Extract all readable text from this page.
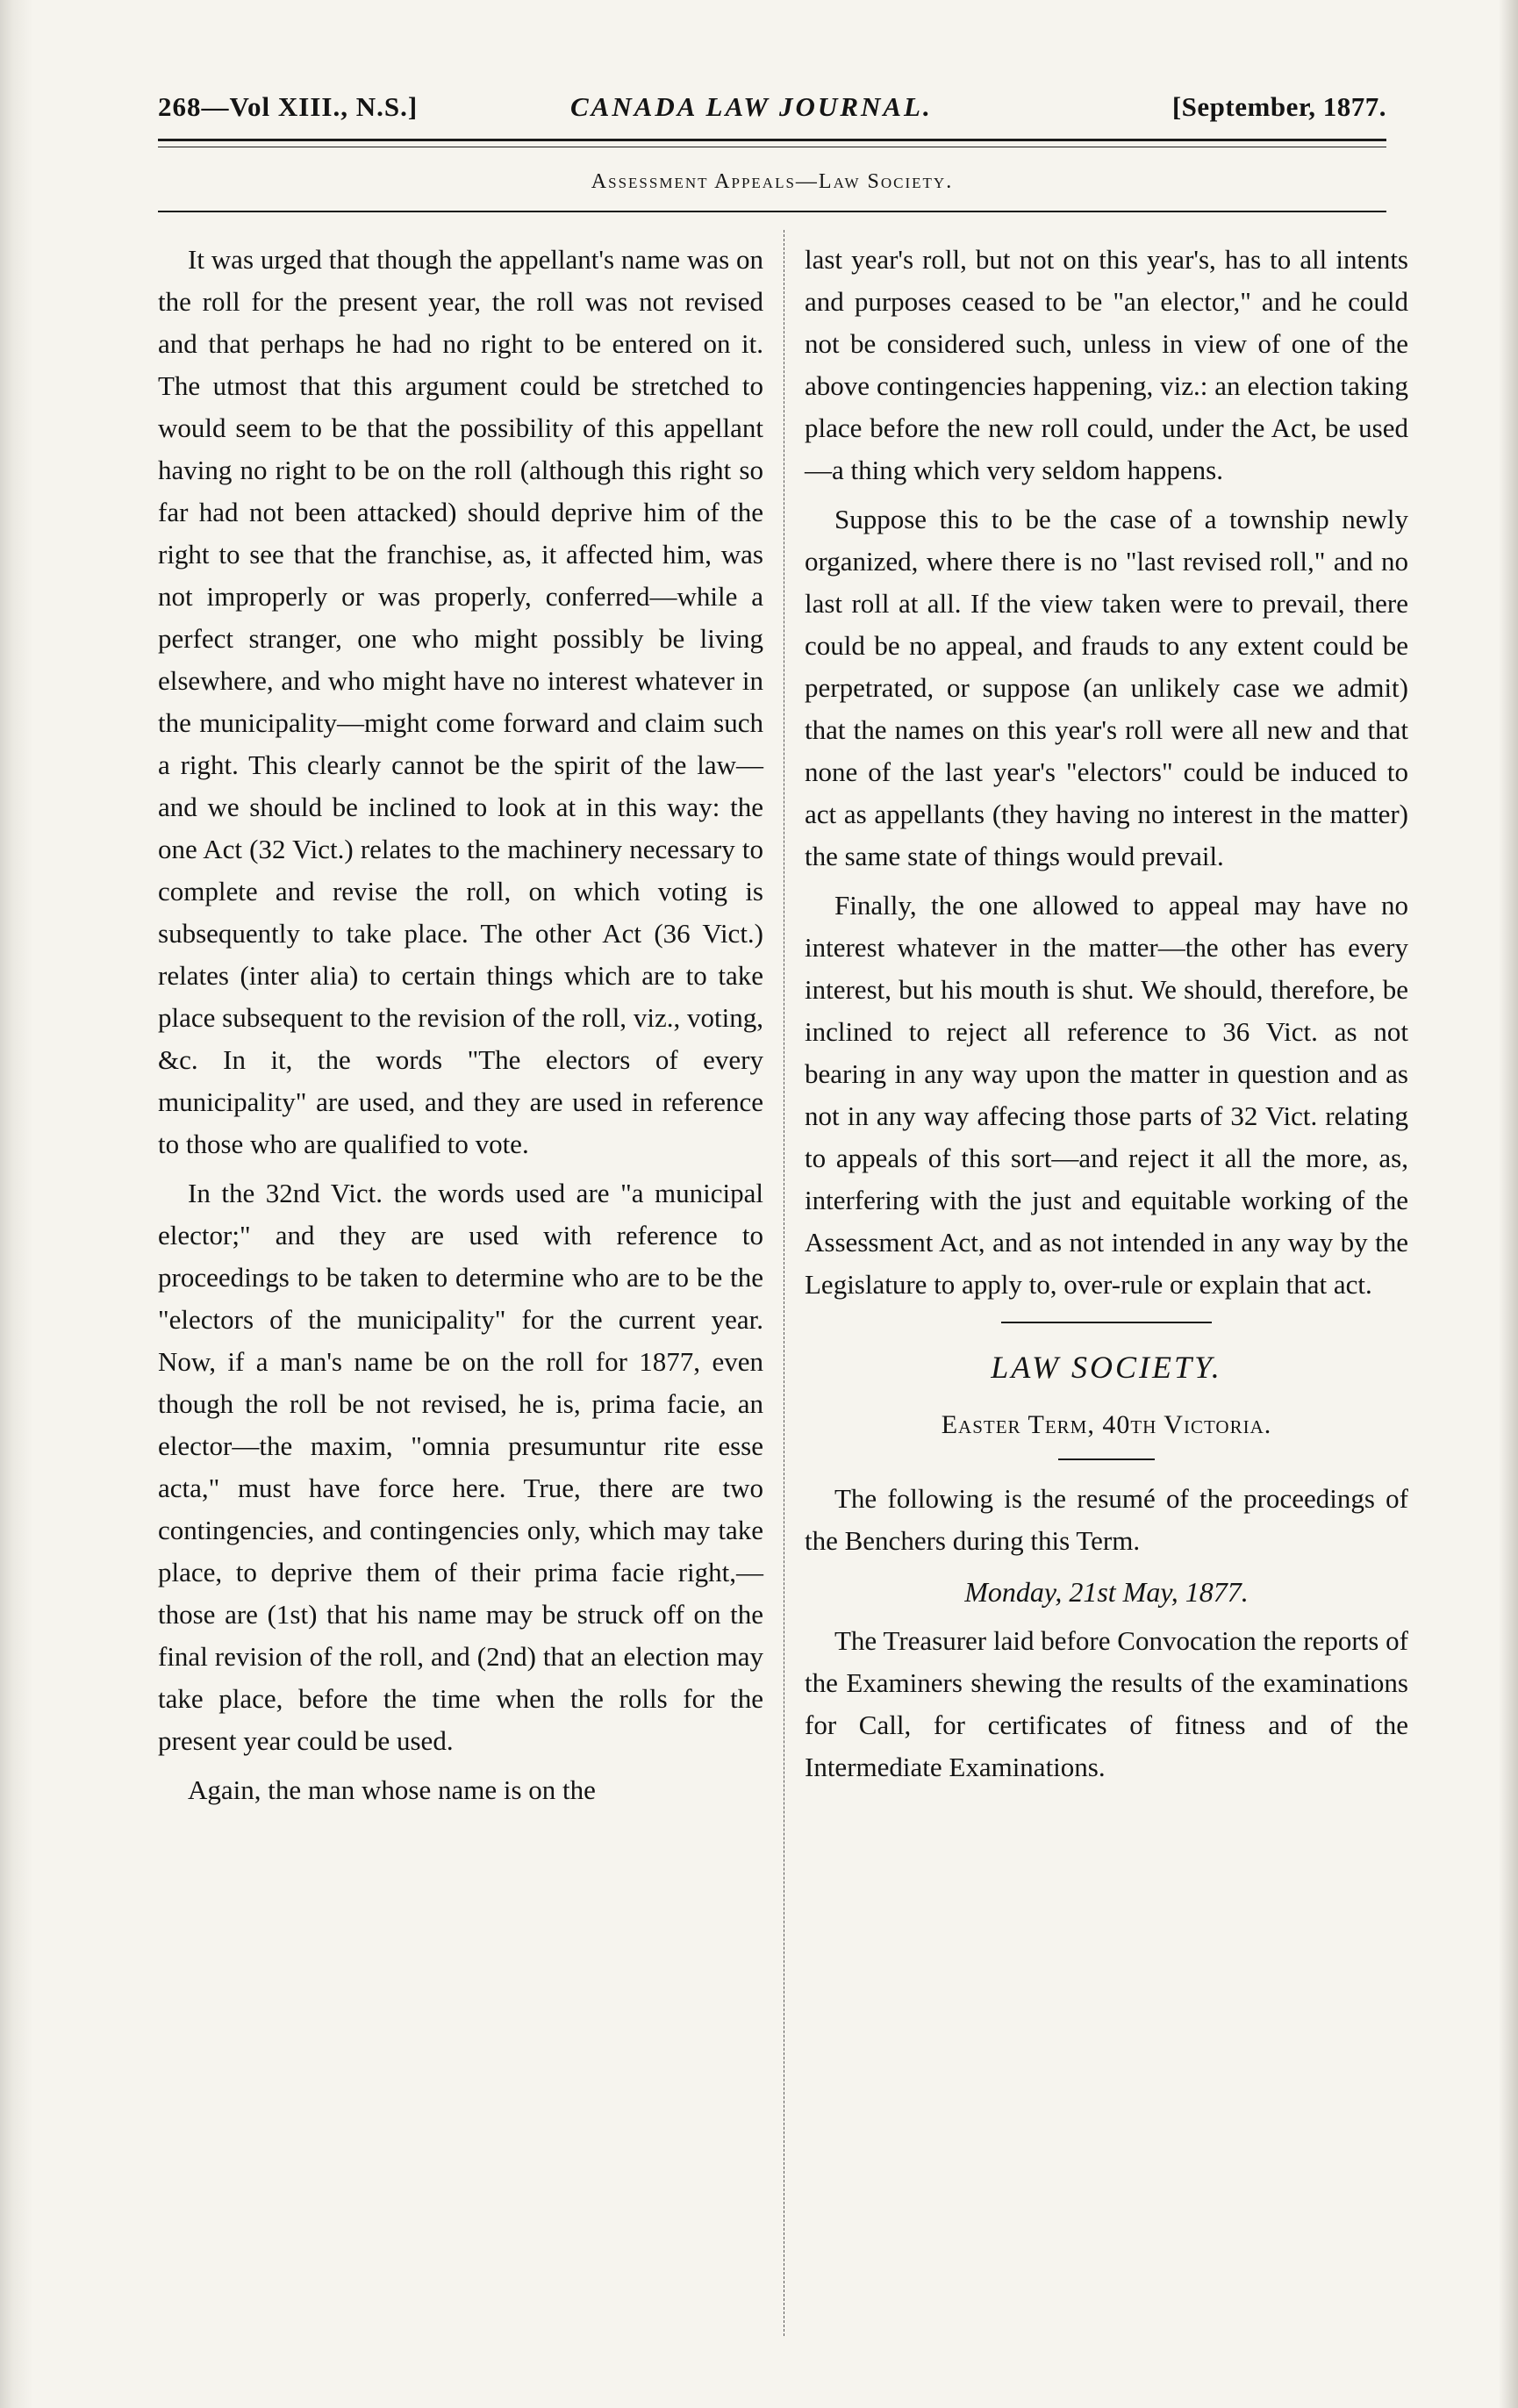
268—Vol XIII., N.S.]	CANADA LAW JOURNAL.	[September, 1877.
Assessment Appeals—Law Society.

It was urged that though the appellant's name was on the roll for the present year, the roll was not revised and that perhaps he had no right to be entered on it. The utmost that this argument could be stretched to would seem to be that the possibility of this appellant having no right to be on the roll (although this right so far had not been attacked) should deprive him of the right to see that the franchise, as, it affected him, was not improperly or was properly, conferred—while a perfect stranger, one who might possibly be living elsewhere, and who might have no interest whatever in the municipality—might come forward and claim such a right. This clearly cannot be the spirit of the law—and we should be inclined to look at in this way: the one Act (32 Vict.) relates to the machinery necessary to complete and revise the roll, on which voting is subsequently to take place. The other Act (36 Vict.) relates (inter alia) to certain things which are to take place subsequent to the revision of the roll, viz., voting, &c. In it, the words "The electors of every municipality" are used, and they are used in reference to those who are qualified to vote.

In the 32nd Vict. the words used are "a municipal elector;" and they are used with reference to proceedings to be taken to determine who are to be the "electors of the municipality" for the current year. Now, if a man's name be on the roll for 1877, even though the roll be not revised, he is, prima facie, an elector—the maxim, "omnia presumuntur rite esse acta," must have force here. True, there are two contingencies, and contingencies only, which may take place, to deprive them of their prima facie right,—those are (1st) that his name may be struck off on the final revision of the roll, and (2nd) that an election may take place, before the time when the rolls for the present year could be used.

Again, the man whose name is on the

last year's roll, but not on this year's, has to all intents and purposes ceased to be "an elector," and he could not be considered such, unless in view of one of the above contingencies happening, viz.: an election taking place before the new roll could, under the Act, be used—a thing which very seldom happens.

Suppose this to be the case of a township newly organized, where there is no "last revised roll," and no last roll at all. If the view taken were to prevail, there could be no appeal, and frauds to any extent could be perpetrated, or suppose (an unlikely case we admit) that the names on this year's roll were all new and that none of the last year's "electors" could be induced to act as appellants (they having no interest in the matter) the same state of things would prevail.

Finally, the one allowed to appeal may have no interest whatever in the matter—the other has every interest, but his mouth is shut. We should, therefore, be inclined to reject all reference to 36 Vict. as not bearing in any way upon the matter in question and as not in any way affecing those parts of 32 Vict. relating to appeals of this sort—and reject it all the more, as, interfering with the just and equitable working of the Assessment Act, and as not intended in any way by the Legislature to apply to, over-rule or explain that act.

LAW SOCIETY.
Easter Term, 40th Victoria.

The following is the resumé of the proceedings of the Benchers during this Term.

Monday, 21st May, 1877.

The Treasurer laid before Convocation the reports of the Examiners shewing the results of the examinations for Call, for certificates of fitness and of the Intermediate Examinations.
